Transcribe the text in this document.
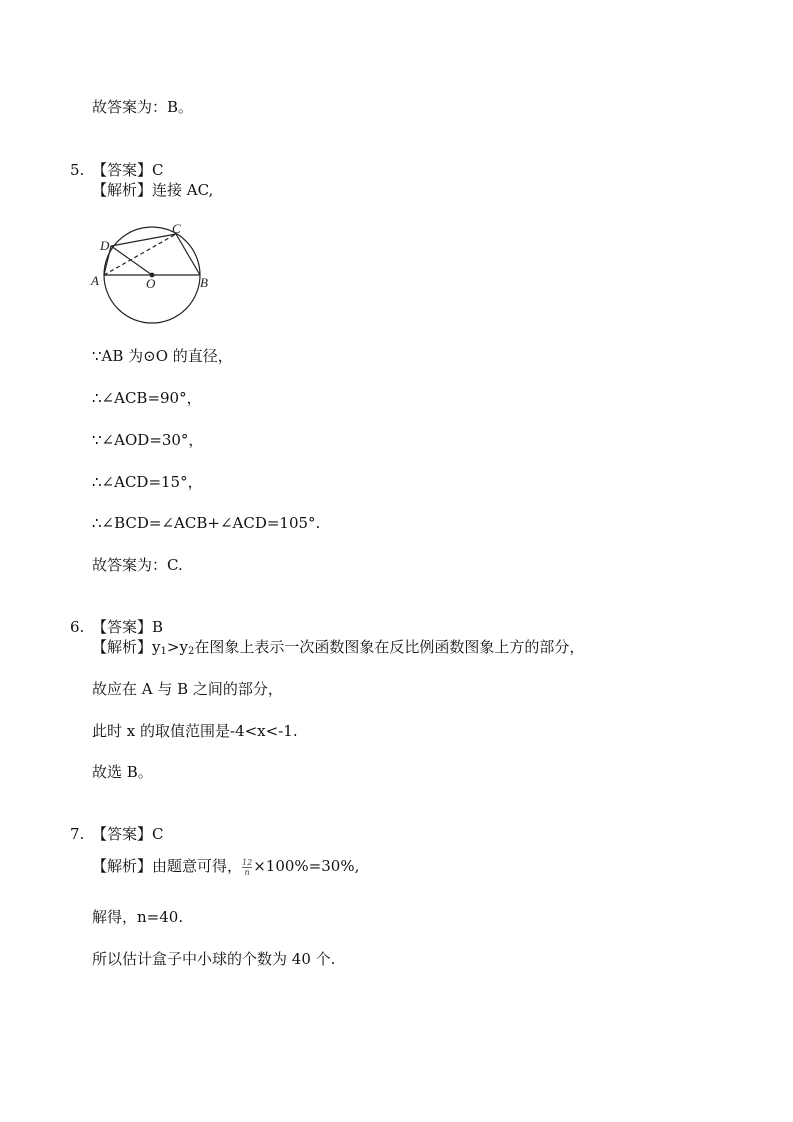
故答案为：B。
5. 【答案】C
【解析】连接 AC,
D
C
A	O	B
∵AB 为⊙O 的直径，
∴∠ACB=90°，
∵∠AOD=30°，
∴∠ACD=15°，
∴∠BCD=∠ACB+∠ACD=105°.
故答案为：C.
6. 【答案】B
【解析】$y_1>y_2$在图象上表示一次函数图象在反比例函数图象上方的部分，
故应在 A 与 B 之间的部分，
此时 x 的取值范围是-4<x<-1.
故选 B。
7. 【答案】C
【解析】由题意可得， $\frac{12}{n} \times 100\%=30\%$,
解得，n=40.
所以估计盒子中小球的个数为 40 个.
